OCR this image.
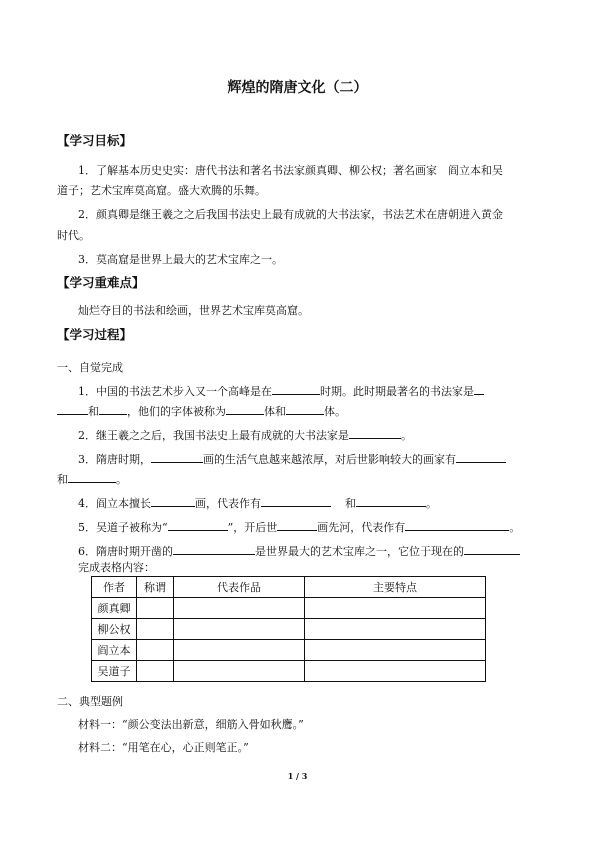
辉煌的隋唐文化（二）
【学习目标】
1．了解基本历史史实：唐代书法和著名书法家颜真卿、柳公权；著名画家　阎立本和吴
道子；艺术宝库莫高窟。盛大欢腾的乐舞。
2．颜真卿是继王羲之之后我国书法史上最有成就的大书法家，书法艺术在唐朝进入黄金
时代。
3．莫高窟是世界上最大的艺术宝库之一。
【学习重难点】
灿烂夺目的书法和绘画，世界艺术宝库莫高窟。
【学习过程】
一、自觉完成
1．中国的书法艺术步入又一个高峰是在	时期。此时期最著名的书法家是
和	，他们的字体被称为	体和	体。
2．继王羲之之后，我国书法史上最有成就的大书法家是	。
3．隋唐时期，	画的生活气息越来越浓厚，对后世影响较大的画家有
和	。
4．阎立本擅长	画，代表作有	和	。
5．吴道子被称为“	”，开后世	画先河，代表作有	。
6．隋唐时期开凿的	是世界最大的艺术宝库之一，它位于现在的
完成表格内容：
作者	称谓	代表作品	主要特点
颜真卿			
柳公权			
阎立本			
吴道子			
二、典型题例
材料一：“颜公变法出新意，细筋入骨如秋鹰。”
材料二：“用笔在心，心正则笔正。”
1 / 3
